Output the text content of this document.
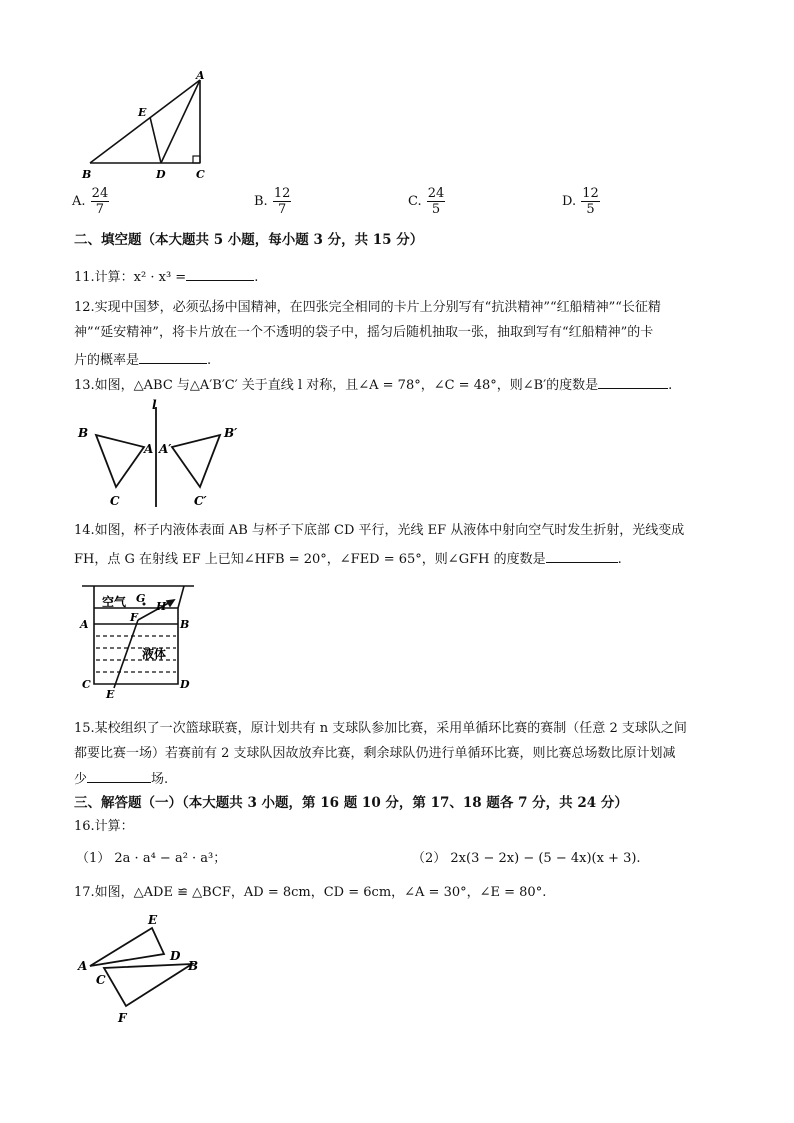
A
E
B	D	C
A. $\frac{24}{7}$	B. $\frac{12}{7}$	C. $\frac{24}{5}$	D. $\frac{12}{5}$
二、填空题（本大题共 5 小题，每小题 3 分，共 15 分）
11.计算：x² · x³ =	.
12.实现中国梦，必须弘扬中国精神，在四张完全相同的卡片上分别写有“抗洪精神”“红船精神”“长征精
神”“延安精神”，将卡片放在一个不透明的袋子中，摇匀后随机抽取一张，抽取到写有“红船精神”的卡
片的概率是	.
13.如图，△ABC 与△A′B′C′ 关于直线 l 对称，且∠A = 78°，∠C = 48°，则∠B′的度数是	.
l
B
A
C
A′
B′
C′
14.如图，杯子内液体表面 AB 与杯子下底部 CD 平行，光线 EF 从液体中射向空气时发生折射，光线变成
FH，点 G 在射线 EF 上已知∠HFB = 20°，∠FED = 65°，则∠GFH 的度数是	.
空气
液体
G
H
A	B
F
C	D
E
15.某校组织了一次篮球联赛，原计划共有 n 支球队参加比赛，采用单循环比赛的赛制（任意 2 支球队之间
都要比赛一场）若赛前有 2 支球队因故放弃比赛，剩余球队仍进行单循环比赛，则比赛总场数比原计划减
少	场.
三、解答题（一）（本大题共 3 小题，第 16 题 10 分，第 17、18 题各 7 分，共 24 分）
16.计算：
（1） 2a · a⁴ − a² · a³；	（2） 2x(3 − 2x) − (5 − 4x)(x + 3).
17.如图，△ADE ≌ △BCF，AD = 8cm，CD = 6cm，∠A = 30°，∠E = 80°.
E
D
A	B
C
F
